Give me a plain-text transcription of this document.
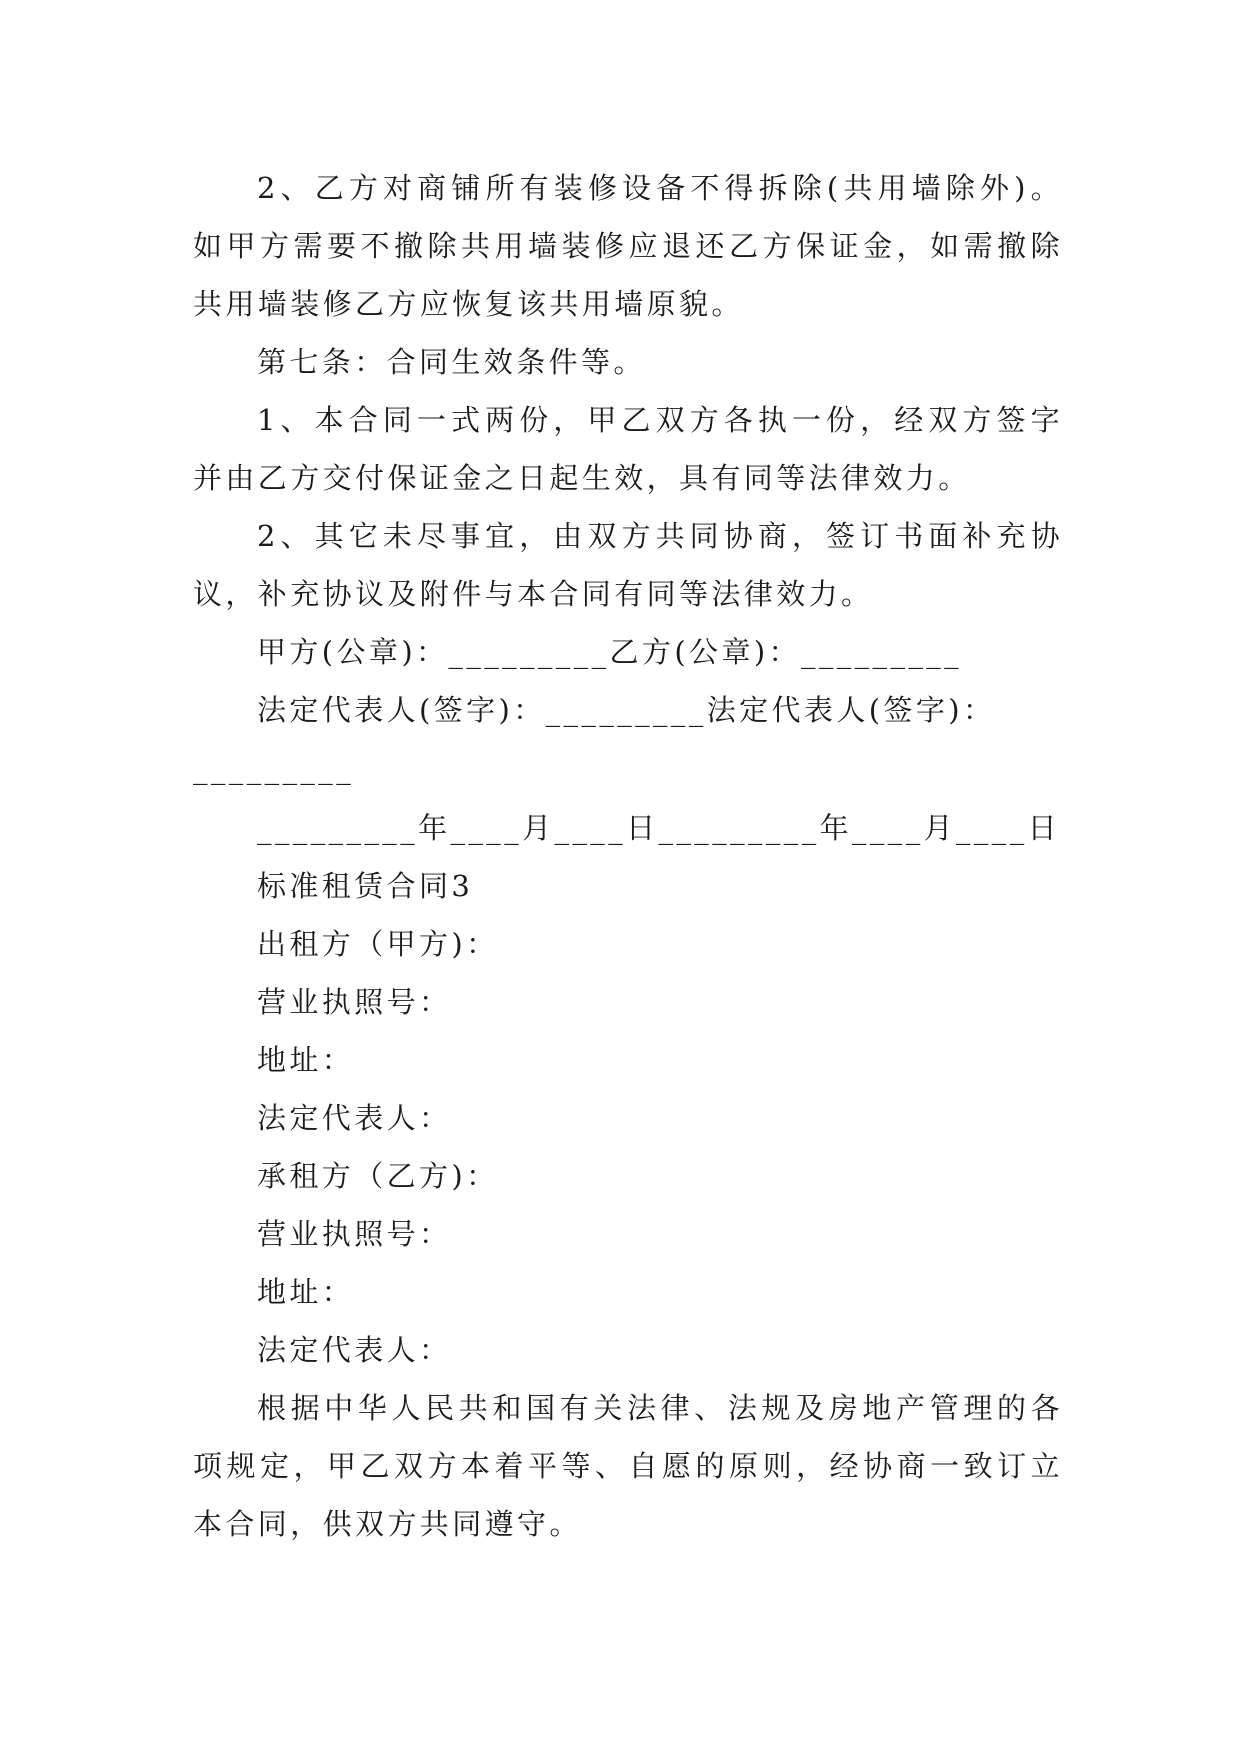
2、乙方对商铺所有装修设备不得拆除(共用墙除外)。
如甲方需要不撤除共用墙装修应退还乙方保证金，如需撤除
共用墙装修乙方应恢复该共用墙原貌。
第七条：合同生效条件等。
1、本合同一式两份，甲乙双方各执一份，经双方签字
并由乙方交付保证金之日起生效，具有同等法律效力。
2、其它未尽事宜，由双方共同协商，签订书面补充协
议，补充协议及附件与本合同有同等法律效力。
甲方(公章)：_________乙方(公章)：_________
法定代表人(签字)：_________法定代表人(签字)：
_________
_________年____月____日_________年____月____日
标准租赁合同3
出租方（甲方)：
营业执照号：
地址：
法定代表人：
承租方（乙方)：
营业执照号：
地址：
法定代表人：
根据中华人民共和国有关法律、法规及房地产管理的各
项规定，甲乙双方本着平等、自愿的原则，经协商一致订立
本合同，供双方共同遵守。
